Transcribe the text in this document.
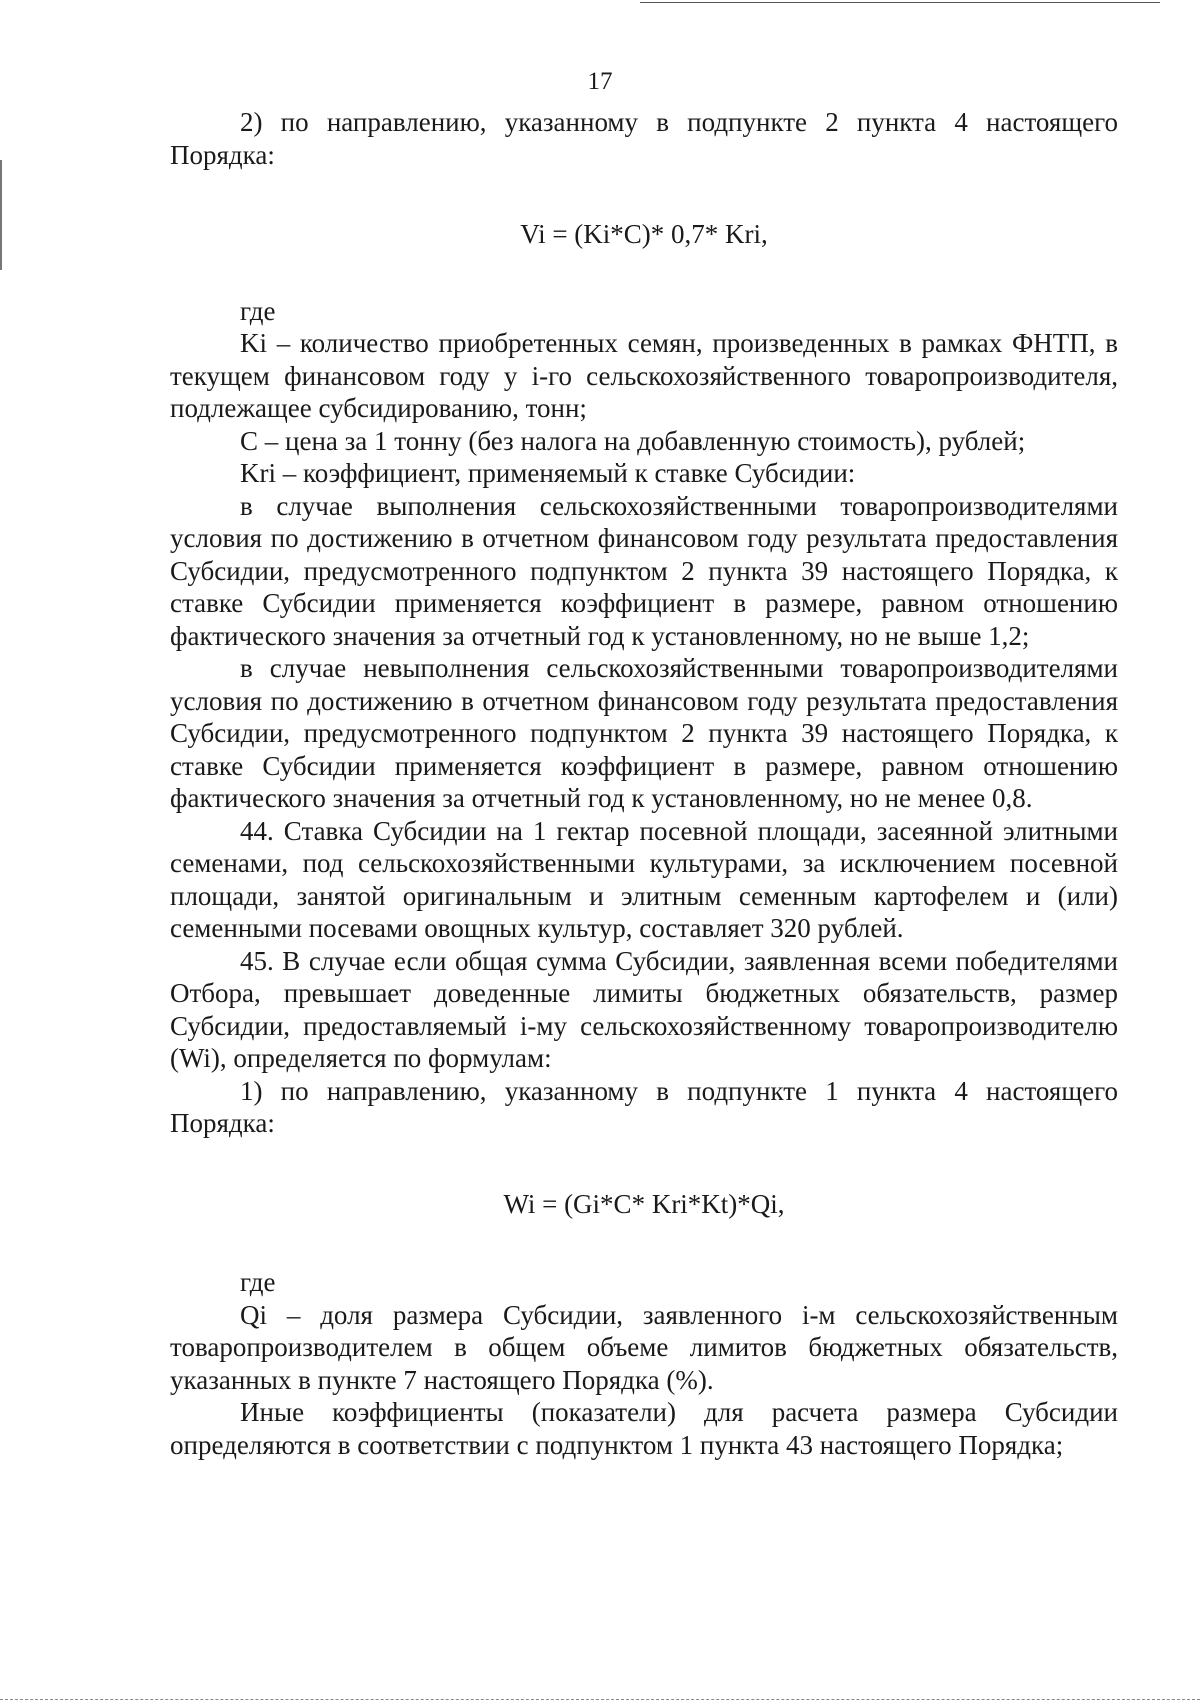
17

2) по направлению, указанному в подпункте 2 пункта 4 настоящего Порядка:

Vi = (Ki*C)* 0,7* Kri,

где

Ki – количество приобретенных семян, произведенных в рамках ФНТП, в текущем финансовом году у i-го сельскохозяйственного товаропроизводителя, подлежащее субсидированию, тонн;

C – цена за 1 тонну (без налога на добавленную стоимость), рублей;

Kri – коэффициент, применяемый к ставке Субсидии:

в случае выполнения сельскохозяйственными товаропроизводителями условия по достижению в отчетном финансовом году результата предоставления Субсидии, предусмотренного подпунктом 2 пункта 39 настоящего Порядка, к ставке Субсидии применяется коэффициент в размере, равном отношению фактического значения за отчетный год к установленному, но не выше 1,2;

в случае невыполнения сельскохозяйственными товаропроизводителями условия по достижению в отчетном финансовом году результата предоставления Субсидии, предусмотренного подпунктом 2 пункта 39 настоящего Порядка, к ставке Субсидии применяется коэффициент в размере, равном отношению фактического значения за отчетный год к установленному, но не менее 0,8.

44. Ставка Субсидии на 1 гектар посевной площади, засеянной элитными семенами, под сельскохозяйственными культурами, за исключением посевной площади, занятой оригинальным и элитным семенным картофелем и (или) семенными посевами овощных культур, составляет 320 рублей.

45. В случае если общая сумма Субсидии, заявленная всеми победителями Отбора, превышает доведенные лимиты бюджетных обязательств, размер Субсидии, предоставляемый i-му сельскохозяйственному товаропроизводителю (Wi), определяется по формулам:

1) по направлению, указанному в подпункте 1 пункта 4 настоящего Порядка:

Wi = (Gi*C* Kri*Kt)*Qi,

где

Qi – доля размера Субсидии, заявленного i-м сельскохозяйственным товаропроизводителем в общем объеме лимитов бюджетных обязательств, указанных в пункте 7 настоящего Порядка (%).

Иные коэффициенты (показатели) для расчета размера Субсидии определяются в соответствии с подпунктом 1 пункта 43 настоящего Порядка;
